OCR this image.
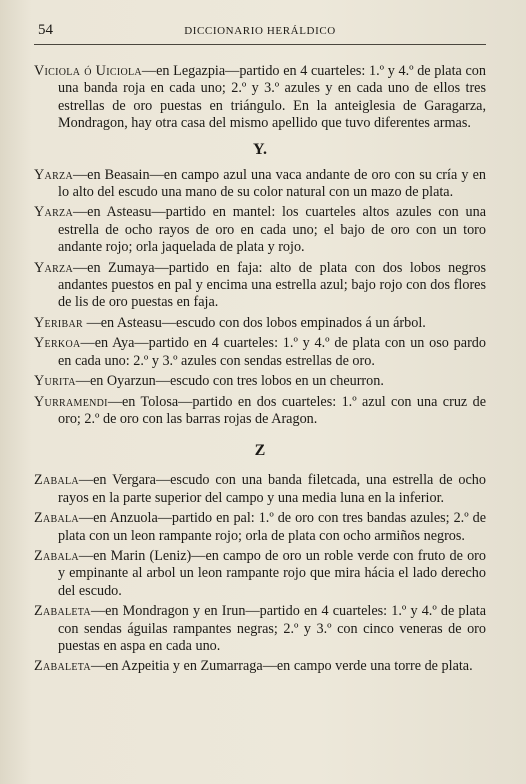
54	DICCIONARIO HERÁLDICO

Viciola ó Uiciola—en Legazpia—partido en 4 cuarteles: 1.º y 4.º de plata con una banda roja en cada uno; 2.º y 3.º azules y en cada uno de ellos tres estrellas de oro puestas en triángulo. En la anteiglesia de Garagarza, Mondragon, hay otra casa del mismo apellido que tuvo diferentes armas.

Y.

Yarza—en Beasain—en campo azul una vaca andante de oro con su cría y en lo alto del escudo una mano de su color natural con un mazo de plata.

Yarza—en Asteasu—partido en mantel: los cuarteles altos azules con una estrella de ocho rayos de oro en cada uno; el bajo de oro con un toro andante rojo; orla jaquelada de plata y rojo.

Yarza—en Zumaya—partido en faja: alto de plata con dos lobos negros andantes puestos en pal y encima una estrella azul; bajo rojo con dos flores de lis de oro puestas en faja.

Yeribar —en Asteasu—escudo con dos lobos empinados á un árbol.

Yerkoa—en Aya—partido en 4 cuarteles: 1.º y 4.º de plata con un oso pardo en cada uno: 2.º y 3.º azules con sendas estrellas de oro.

Yurita—en Oyarzun—escudo con tres lobos en un cheurron.

Yurramendi—en Tolosa—partido en dos cuarteles: 1.º azul con una cruz de oro; 2.º de oro con las barras rojas de Aragon.

Z

Zabala—en Vergara—escudo con una banda filetcada, una estrella de ocho rayos en la parte superior del campo y una media luna en la inferior.

Zabala—en Anzuola—partido en pal: 1.º de oro con tres bandas azules; 2.º de plata con un leon rampante rojo; orla de plata con ocho armiños negros.

Zabala—en Marin (Leniz)—en campo de oro un roble verde con fruto de oro y empinante al arbol un leon rampante rojo que mira hácia el lado derecho del escudo.

Zabaleta—en Mondragon y en Irun—partido en 4 cuarteles: 1.º y 4.º de plata con sendas águilas rampantes negras; 2.º y 3.º con cinco veneras de oro puestas en aspa en cada uno.

Zabaleta—en Azpeitia y en Zumarraga—en campo verde una torre de plata.
